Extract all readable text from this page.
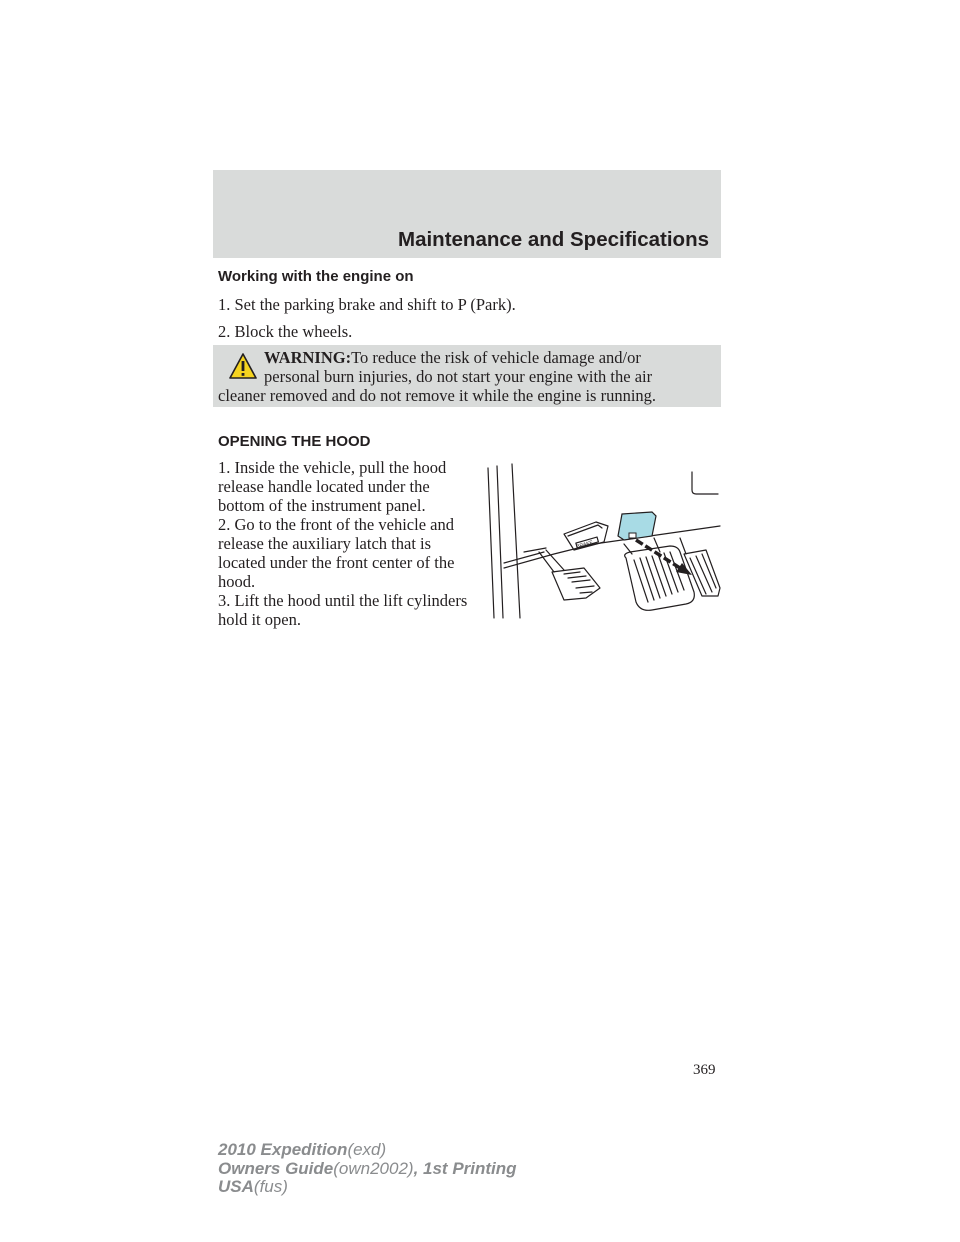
Maintenance and Specifications
Working with the engine on
1. Set the parking brake and shift to P (Park).
2. Block the wheels.
WARNING:To reduce the risk of vehicle damage and/or
personal burn injuries, do not start your engine with the air
cleaner removed and do not remove it while the engine is running.
OPENING THE HOOD
1. Inside the vehicle, pull the hood release handle located under the bottom of the instrument panel.
2. Go to the front of the vehicle and release the auxiliary latch that is located under the front center of the hood.
3. Lift the hood until the lift cylinders hold it open.
BRAKE
369
2010 Expedition(exd)
Owners Guide(own2002), 1st Printing
USA(fus)
